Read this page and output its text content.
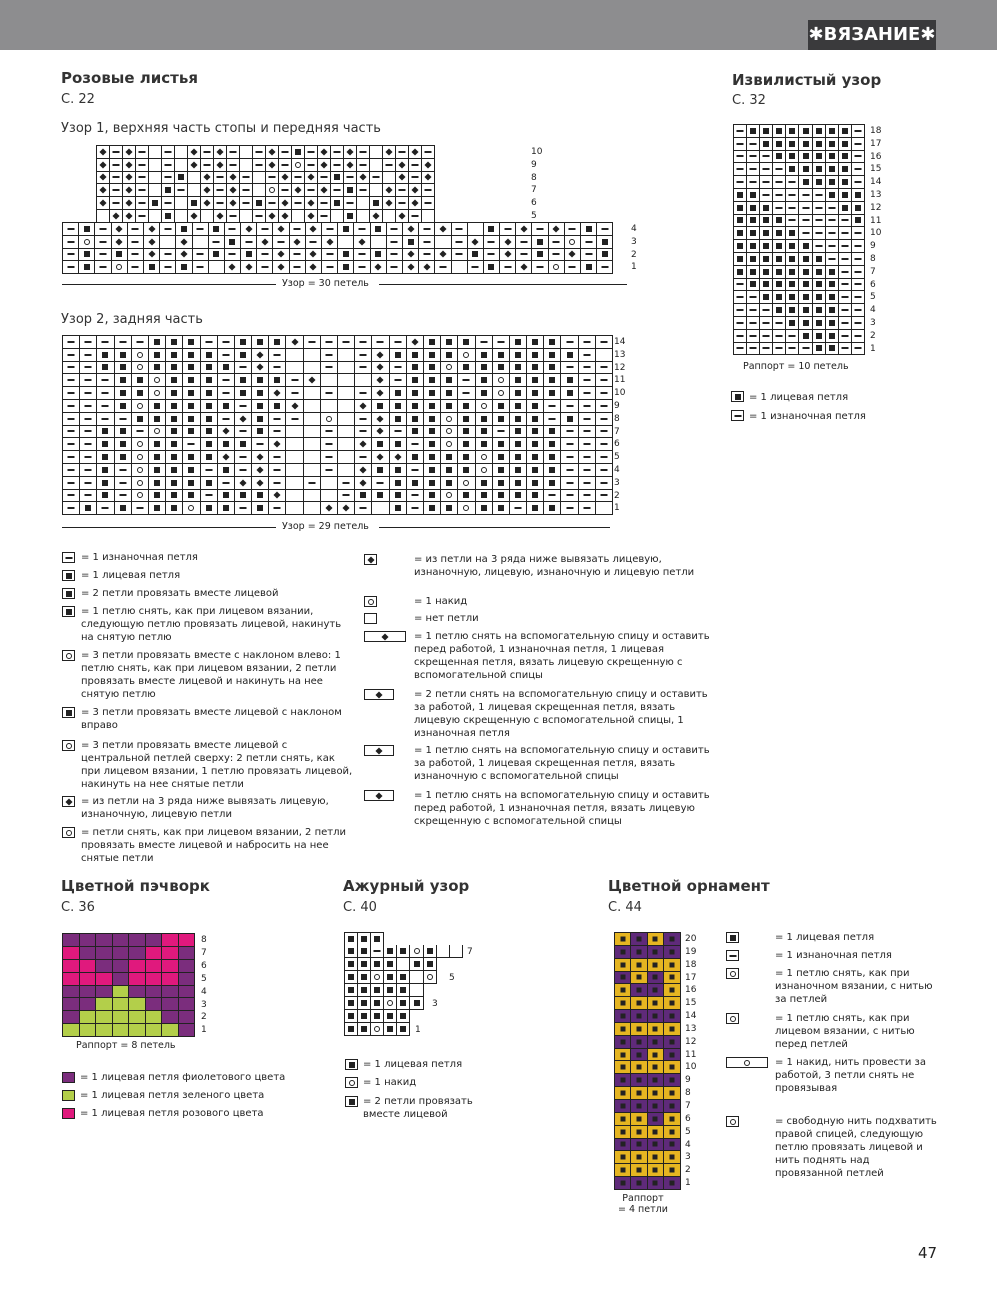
✱ВЯЗАНИЕ✱
Розовые листья
С. 22
Узор 1, верхняя часть стопы и передняя часть
10
9
8
7
6
5
4
3
2
1
Узор = 30 петель
Узор 2, задняя часть
14
13
12
11
10
9
8
7
6
5
4
3
2
1
Узор = 29 петель
Извилистый узор
С. 32
18
17
16
15
14
13
12
11
10
9
8
7
6
5
4
3
2
1
Раппорт = 10 петель
= 1 лицевая петля
= 1 изнаночная петля
= 1 изнаночная петля
= 1 лицевая петля
= 2 петли провязать вместе лицевой
= 1 петлю снять, как при лицевом вязании, следующую петлю провязать лицевой, накинуть на снятую петлю
= 3 петли провязать вместе с наклоном влево: 1 петлю снять, как при лицевом вязании, 2 петли провязать вместе лицевой и накинуть на нее снятую петлю
= 3 петли провязать вместе лицевой с наклоном вправо
= 3 петли провязать вместе лицевой с центральной петлей сверху: 2 петли снять, как при лицевом вязании, 1 петлю провязать лицевой, накинуть на нее снятые петли
= из петли на 3 ряда ниже вывязать лицевую, изнаночную, лицевую петли
= петли снять, как при лицевом вязании, 2 петли провязать вместе лицевой и набросить на нее снятые петли
= из петли на 3 ряда ниже вывязать лицевую, изнаночную, лицевую, изнаночную и лицевую петли
= 1 накид
= нет петли
= 1 петлю снять на вспомогательную спицу и оставить перед работой, 1 изнаночная петля, 1 лицевая скрещенная петля, вязать лицевую скрещенную с вспомогательной спицы
= 2 петли снять на вспомогательную спицу и оставить за работой, 1 лицевая скрещенная петля, вязать лицевую скрещенную с вспомогательной спицы, 1 изнаночная петля
= 1 петлю снять на вспомогательную спицу и оставить за работой, 1 лицевая скрещенная петля, вязать изнаночную с вспомогательной спицы
= 1 петлю снять на вспомогательную спицу и оставить перед работой, 1 изнаночная петля, вязать лицевую скрещенную с вспомогательной спицы
Цветной пэчворк
С. 36
8
7
6
5
4
3
2
1
Раппорт = 8 петель
= 1 лицевая петля фиолетового цвета
= 1 лицевая петля зеленого цвета
= 1 лицевая петля розового цвета
Ажурный узор
С. 40
7
5
3
1
= 1 лицевая петля
= 1 накид
= 2 петли провязать вместе лицевой
Цветной орнамент
С. 44
20
19
18
17
16
15
14
13
12
11
10
9
8
7
6
5
4
3
2
1
Раппорт
= 4 петли
= 1 лицевая петля
= 1 изнаночная петля
= 1 петлю снять, как при изнаночном вязании, с нитью за петлей
= 1 петлю снять, как при лицевом вязании, с нитью перед петлей
= 1 накид, нить провести за работой, 3 петли снять не провязывая
= свободную нить подхватить правой спицей, следующую петлю провязать лицевой и нить поднять над провязанной петлей
47
